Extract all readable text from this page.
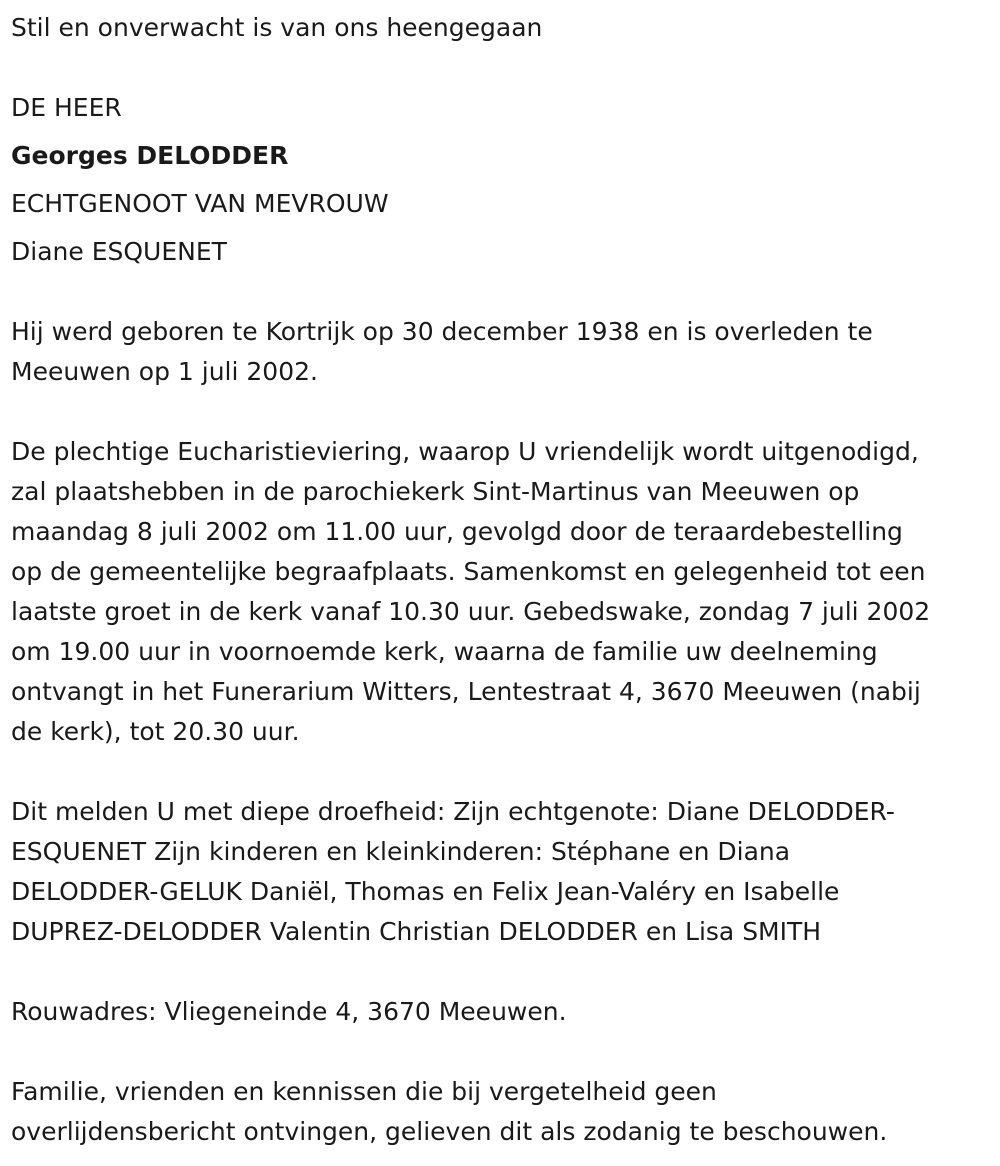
Stil en onverwacht is van ons heengegaan
DE HEER
Georges DELODDER
ECHTGENOOT VAN MEVROUW
Diane ESQUENET
Hij werd geboren te Kortrijk op 30 december 1938 en is overleden te
Meeuwen op 1 juli 2002.
De plechtige Eucharistieviering, waarop U vriendelijk wordt uitgenodigd,
zal plaatshebben in de parochiekerk Sint-Martinus van Meeuwen op
maandag 8 juli 2002 om 11.00 uur, gevolgd door de teraardebestelling
op de gemeentelijke begraafplaats. Samenkomst en gelegenheid tot een
laatste groet in de kerk vanaf 10.30 uur. Gebedswake, zondag 7 juli 2002
om 19.00 uur in voornoemde kerk, waarna de familie uw deelneming
ontvangt in het Funerarium Witters, Lentestraat 4, 3670 Meeuwen (nabij
de kerk), tot 20.30 uur.
Dit melden U met diepe droefheid: Zijn echtgenote: Diane DELODDER-
ESQUENET Zijn kinderen en kleinkinderen: Stéphane en Diana
DELODDER-GELUK Daniël, Thomas en Felix Jean-Valéry en Isabelle
DUPREZ-DELODDER Valentin Christian DELODDER en Lisa SMITH
Rouwadres: Vliegeneinde 4, 3670 Meeuwen.
Familie, vrienden en kennissen die bij vergetelheid geen
overlijdensbericht ontvingen, gelieven dit als zodanig te beschouwen.
